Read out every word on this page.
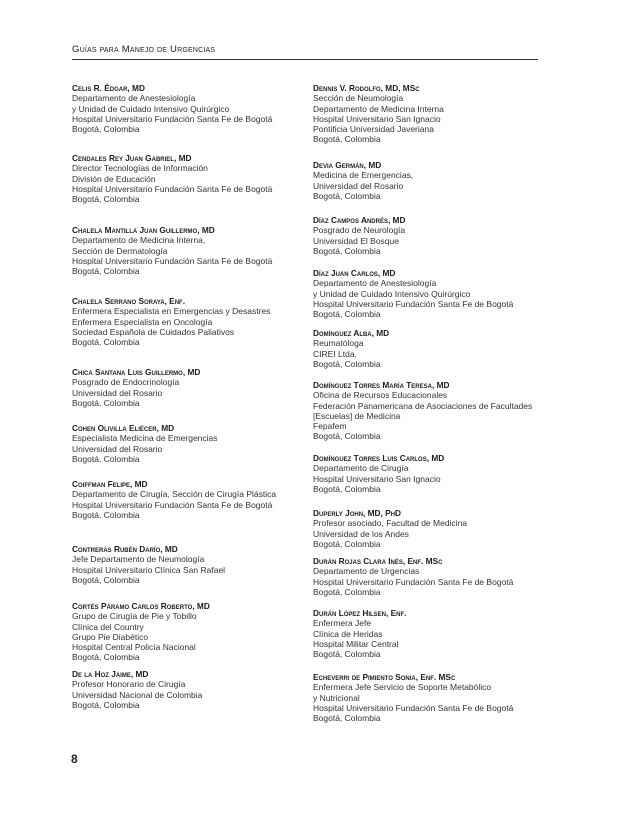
Guías para Manejo de Urgencias
Celis R. Édgar, MD
Departamento de Anestesiología
y Unidad de Cuidado Intensivo Quirúrgico
Hospital Universitario Fundación Santa Fe de Bogotá
Bogotá, Colombia
Cendales Rey Juan Gabriel, MD
Director Tecnologías de Información
División de Educación
Hospital Universitario Fundación Santa Fe de Bogotá
Bogotá, Colombia
Chalela Mantilla Juan Guillermo, MD
Departamento de Medicina Interna,
Sección de Dermatología
Hospital Universitario Fundación Santa Fe de Bogotá
Bogotá, Colombia
Chalela Serrano Soraya, Enf.
Enfermera Especialista en Emergencias y Desastres
Enfermera Especialista en Oncología
Sociedad Española de Cuidados Paliativos
Bogotá, Colombia
Chica Santana Luis Guillermo, MD
Posgrado de Endocrinología
Universidad del Rosario
Bogotá, Colombia
Cohen Olivilla Eliécer, MD
Especialista Medicina de Emergencias
Universidad del Rosario
Bogotá, Colombia
Coiffman Felipe, MD
Departamento de Cirugía, Sección de Cirugía Plástica
Hospital Universitario Fundación Santa Fe de Bogotá
Bogotá, Colombia
Contreras Rubén Darío, MD
Jefe Departamento de Neumología
Hospital Universitario Clínica San Rafael
Bogotá, Colombia
Cortés Páramo Carlos Roberto, MD
Grupo de Cirugía de Pie y Tobillo
Clínica del Country
Grupo Pie Diabético
Hospital Central Policía Nacional
Bogotá, Colombia
De la Hoz Jaime, MD
Profesor Honorario de Cirugía
Universidad Nacional de Colombia
Bogotá, Colombia
Dennis V. Rodolfo, MD, MSc
Sección de Neumología
Departamento de Medicina Interna
Hospital Universitario San Ignacio
Pontificia Universidad Javeriana
Bogotá, Colombia
Devia Germán, MD
Medicina de Emergencias,
Universidad del Rosario
Bogotá, Colombia
Díaz Campos Andrés, MD
Posgrado de Neurología
Universidad El Bosque
Bogotá, Colombia
Díaz Juan Carlos, MD
Departamento de Anestesiología
y Unidad de Cuidado Intensivo Quirúrgico
Hospital Universitario Fundación Santa Fe de Bogotá
Bogotá, Colombia
Domínguez Alba, MD
Reumatóloga
CIREI Ltda.
Bogotá, Colombia
Domínguez Torres María Teresa, MD
Oficina de Recursos Educacionales
Federación Panamericana de Asociaciones de Facultades
[Escuelas] de Medicina
Fepafem
Bogotá, Colombia
Domínguez Torres Luis Carlos, MD
Departamento de Cirugía
Hospital Universitario San Ignacio
Bogotá, Colombia
Duperly John, MD, PhD
Profesor asociado, Facultad de Medicina
Universidad de los Andes
Bogotá, Colombia
Durán Rojas Clara Inés, Enf. MSc
Departamento de Urgencias
Hospital Universitario Fundación Santa Fe de Bogotá
Bogotá, Colombia
Durán López Hilsen, Enf.
Enfermera Jefe
Clínica de Heridas
Hospital Militar Central
Bogotá, Colombia
Echeverri de Pimiento Sonia, Enf. MSc
Enfermera Jefe Servicio de Soporte Metabólico
y Nutricional
Hospital Universitario Fundación Santa Fe de Bogotá
Bogotá, Colombia
8
